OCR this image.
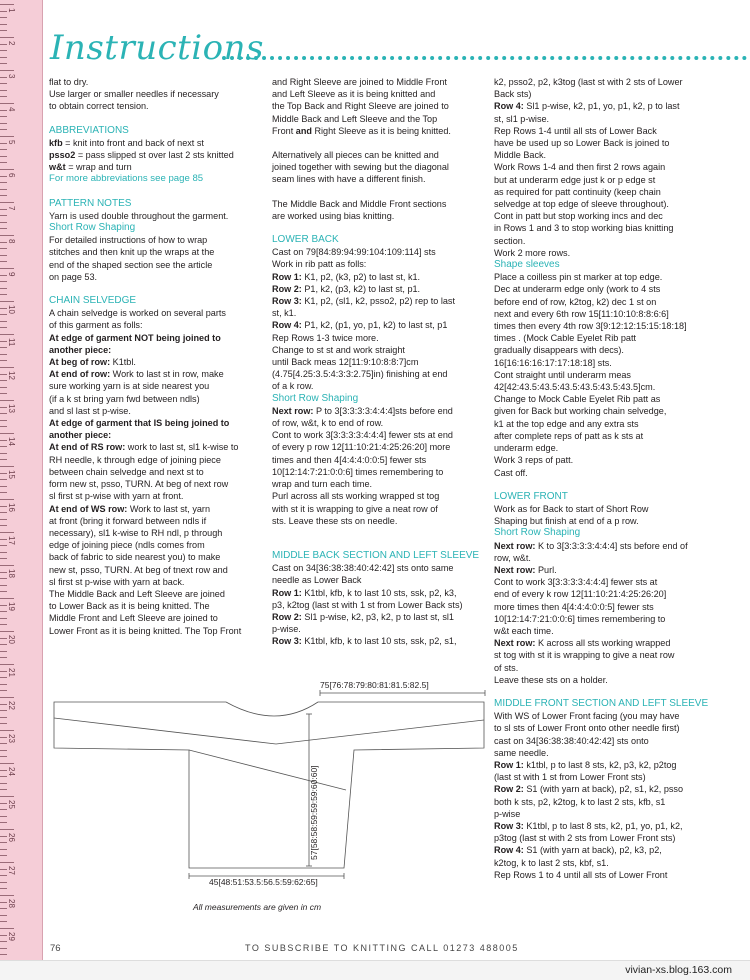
1
2
3
4
5
6
7
8
9
10
11
12
13
14
15
16
17
18
19
20
21
22
23
24
25
26
27
28
29
Instructions

flat to dry.

Use larger or smaller needles if necessary

to obtain correct tension.

ABBREVIATIONS

kfb = knit into front and back of next st

psso2 = pass slipped st over last 2 sts knitted

w&t = wrap and turn

For more abbreviations see page 85

PATTERN NOTES

Yarn is used double throughout the garment.

Short Row Shaping

For detailed instructions of how to wrap

stitches and then knit up the wraps at the

end of the shaped section see the article

on page 53.

CHAIN SELVEDGE

A chain selvedge is worked on several parts

of this garment as folls:

At edge of garment NOT being joined to

another piece:

At beg of row: K1tbl.

At end of row: Work to last st in row, make

sure working yarn is at side nearest you

(if a k st bring yarn fwd between ndls)

and sl last st p-wise.

At edge of garment that IS being joined to

another piece:

At end of RS row: work to last st, sl1 k-wise to

RH needle, k through edge of joining piece

between chain selvedge and next st to

form new st, psso, TURN. At beg of next row

sl first st p-wise with yarn at front.

At end of WS row: Work to last st, yarn

at front (bring it forward between ndls if

necessary), sl1 k-wise to RH ndl, p through

edge of joining piece (ndls comes from

back of fabric to side nearest you) to make

new st, psso, TURN. At beg of tnext row and

sl first st p-wise with yarn at back.

The Middle Back and Left Sleeve are joined

to Lower Back as it is being knitted. The

Middle Front and Left Sleeve are joined to

Lower Front as it is being knitted. The Top Front

and Right Sleeve are joined to Middle Front

and Left Sleeve as it is being knitted and

the Top Back and Right Sleeve are joined to

Middle Back and Left Sleeve and the Top

Front and Right Sleeve as it is being knitted.

Alternatively all pieces can be knitted and

joined together with sewing but the diagonal

seam lines with have a different finish.

The Middle Back and Middle Front sections

are worked using bias knitting.

LOWER BACK

Cast on 79[84:89:94:99:104:109:114] sts

Work in rib patt as folls:

Row 1: K1, p2, (k3, p2) to last st, k1.

Row 2: P1, k2, (p3, k2) to last st, p1.

Row 3: K1, p2, (sl1, k2, psso2, p2) rep to last

st, k1.

Row 4: P1, k2, (p1, yo, p1, k2) to last st, p1

Rep Rows 1-3 twice more.

Change to st st and work straight

until Back meas 12[11:9:10:8:8:7]cm

(4.75[4.25:3.5:4:3:3:2.75]in) finishing at end

of a k row.

Short Row Shaping

Next row: P to 3[3:3:3:3:4:4:4]sts before end

of row, w&t, k to end of row.

Cont to work 3[3:3:3:3:4:4:4] fewer sts at end

of every p row 12[11:10:21:4:25:26:20] more

times and then 4[4:4:4:0:0:5] fewer sts

10[12:14:7:21:0:0:6] times remembering to

wrap and turn each time.

Purl across all sts working wrapped st tog

with st it is wrapping to give a neat row of

sts. Leave these sts on needle.

MIDDLE BACK SECTION AND LEFT SLEEVE

Cast on 34[36:38:38:40:42:42] sts onto same

needle as Lower Back

Row 1: K1tbl, kfb, k to last 10 sts, ssk, p2, k3,

p3, k2tog (last st with 1 st from Lower Back sts)

Row 2: Sl1 p-wise, k2, p3, k2, p to last st, sl1

p-wise.

Row 3: K1tbl, kfb, k to last 10 sts, ssk, p2, s1,

k2, psso2, p2, k3tog (last st with 2 sts of Lower

Back sts)

Row 4: Sl1 p-wise, k2, p1, yo, p1, k2, p to last

st, sl1 p-wise.

Rep Rows 1-4 until all sts of Lower Back

have be used up so Lower Back is joined to

Middle Back.

Work Rows 1-4 and then first 2 rows again

but at underarm edge just k or p edge st

as required for patt continuity (keep chain

selvedge at top edge of sleeve throughout).

Cont in patt but stop working incs and dec

in Rows 1 and 3 to stop working bias knitting

section.

Work 2 more rows.

Shape sleeves

Place a coilless pin st marker at top edge.

Dec at underarm edge only (work to 4 sts

before end of row, k2tog, k2) dec 1 st on

next and every 6th row 15[11:10:10:8:8:6:6]

times then every 4th row 3[9:12:12:15:15:18:18]

times . (Mock Cable Eyelet Rib patt

gradually disappears with decs).

16[16:16:16:17:17:18:18] sts.

Cont straight until underarm meas

42[42:43.5:43.5:43.5:43.5:43.5:43.5]cm.

Change to Mock Cable Eyelet Rib patt as

given for Back but working chain selvedge,

k1 at the top edge and any extra sts

after complete reps of patt as k sts at

underarm edge.

Work 3 reps of patt.

Cast off.

LOWER FRONT

Work as for Back to start of Short Row

Shaping but finish at end of a p row.

Short Row Shaping

Next row: K to 3[3:3:3:3:4:4:4] sts before end of

row, w&t.

Next row: Purl.

Cont to work 3[3:3:3:3:4:4:4] fewer sts at

end of every k row 12[11:10:21:4:25:26:20]

more times then 4[4:4:4:0:0:5] fewer sts

10[12:14:7:21:0:0:6] times remembering to

w&t each time.

Next row: K across all sts working wrapped

st tog with st it is wrapping to give a neat row

of sts.

Leave these sts on a holder.

MIDDLE FRONT SECTION AND LEFT SLEEVE

With WS of Lower Front facing (you may have

to sl sts of Lower Front onto other needle first)

cast on 34[36:38:38:40:42:42] sts onto

same needle.

Row 1: k1tbl, p to last 8 sts, k2, p3, k2, p2tog

(last st with 1 st from Lower Front sts)

Row 2: S1 (with yarn at back), p2, s1, k2, psso

both k sts, p2, k2tog, k to last 2 sts, kfb, s1

p-wise

Row 3: K1tbl, p to last 8 sts, k2, p1, yo, p1, k2,

p3tog (last st with 2 sts from Lower Front sts)

Row 4: S1 (with yarn at back), p2, k3, p2,

k2tog, k to last 2 sts, kbf, s1.

Rep Rows 1 to 4 until all sts of Lower Front

75[76:78:79:80:81:81.5:82.5]
57[58:58:59:59:59:60:60]
45[48:51:53.5:56.5:59:62:65]
All measurements are given in cm
76	TO SUBSCRIBE TO KNITTING CALL 01273 488005
vivian-xs.blog.163.com
